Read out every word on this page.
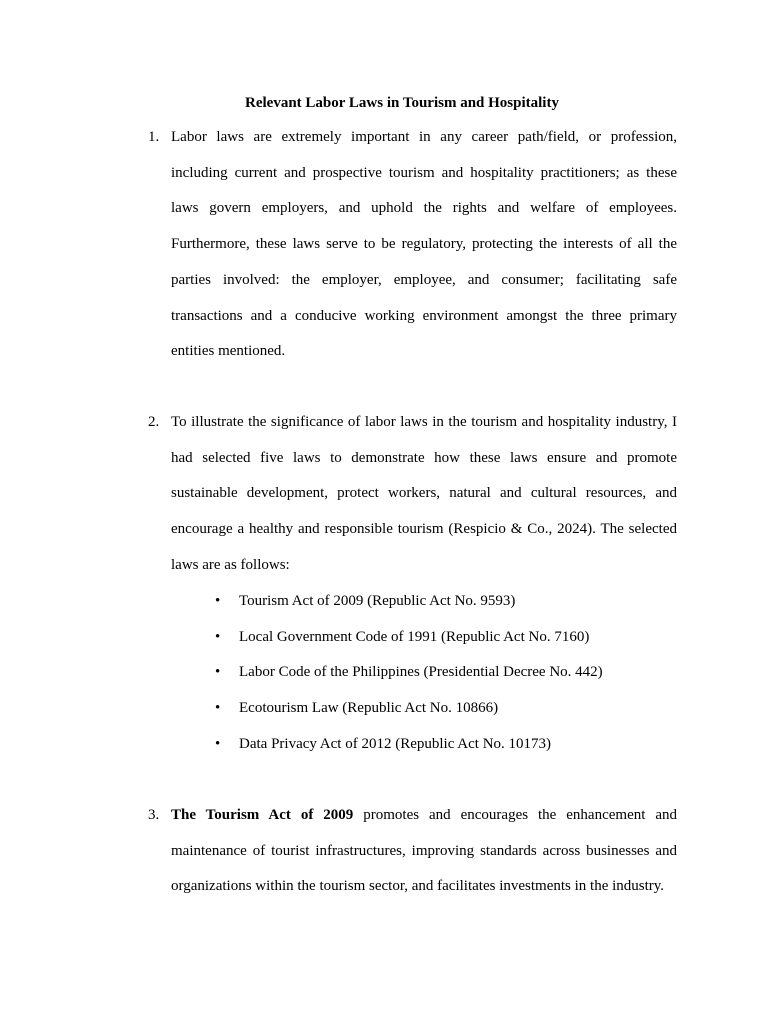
Relevant Labor Laws in Tourism and Hospitality
1. Labor laws are extremely important in any career path/field, or profession, including current and prospective tourism and hospitality practitioners; as these laws govern employers, and uphold the rights and welfare of employees. Furthermore, these laws serve to be regulatory, protecting the interests of all the parties involved: the employer, employee, and consumer; facilitating safe transactions and a conducive working environment amongst the three primary entities mentioned.
2. To illustrate the significance of labor laws in the tourism and hospitality industry, I had selected five laws to demonstrate how these laws ensure and promote sustainable development, protect workers, natural and cultural resources, and encourage a healthy and responsible tourism (Respicio & Co., 2024). The selected laws are as follows:
• Tourism Act of 2009 (Republic Act No. 9593)
• Local Government Code of 1991 (Republic Act No. 7160)
• Labor Code of the Philippines (Presidential Decree No. 442)
• Ecotourism Law (Republic Act No. 10866)
• Data Privacy Act of 2012 (Republic Act No. 10173)
3. The Tourism Act of 2009 promotes and encourages the enhancement and maintenance of tourist infrastructures, improving standards across businesses and organizations within the tourism sector, and facilitates investments in the industry.
